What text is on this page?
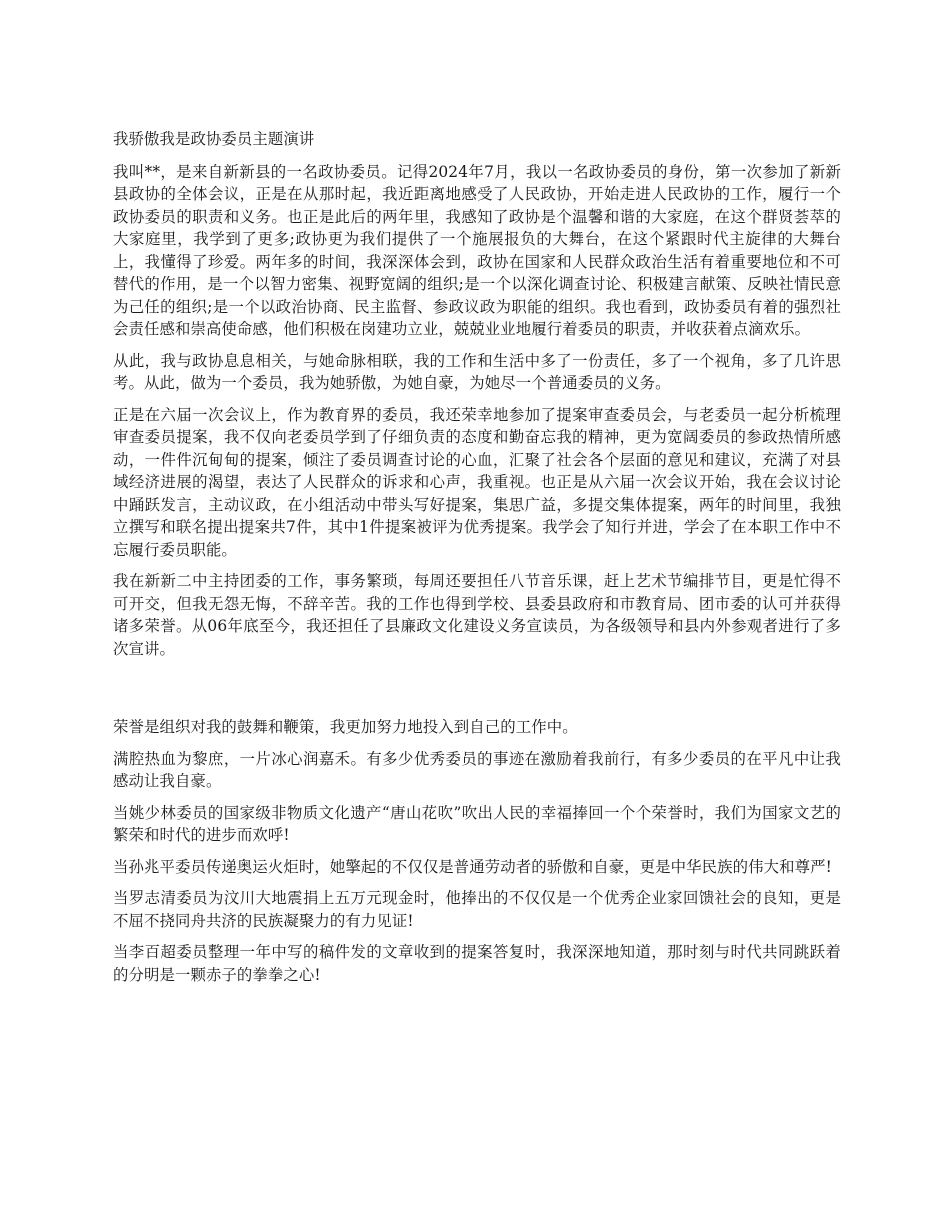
我骄傲我是政协委员主题演讲

我叫**，是来自新新县的一名政协委员。记得2024年7月，我以一名政协委员的身份，第一次参加了新新县政协的全体会议，正是在从那时起，我近距离地感受了人民政协，开始走进人民政协的工作，履行一个政协委员的职责和义务。也正是此后的两年里，我感知了政协是个温馨和谐的大家庭，在这个群贤荟萃的大家庭里，我学到了更多;政协更为我们提供了一个施展报负的大舞台，在这个紧跟时代主旋律的大舞台上，我懂得了珍爱。两年多的时间，我深深体会到，政协在国家和人民群众政治生活有着重要地位和不可替代的作用，是一个以智力密集、视野宽阔的组织;是一个以深化调查讨论、积极建言献策、反映社情民意为己任的组织;是一个以政治协商、民主监督、参政议政为职能的组织。我也看到，政协委员有着的强烈社会责任感和崇高使命感，他们积极在岗建功立业，兢兢业业地履行着委员的职责，并收获着点滴欢乐。

从此，我与政协息息相关，与她命脉相联，我的工作和生活中多了一份责任，多了一个视角，多了几许思考。从此，做为一个委员，我为她骄傲，为她自豪，为她尽一个普通委员的义务。

正是在六届一次会议上，作为教育界的委员，我还荣幸地参加了提案审查委员会，与老委员一起分析梳理审查委员提案，我不仅向老委员学到了仔细负责的态度和勤奋忘我的精神，更为宽阔委员的参政热情所感动，一件件沉甸甸的提案，倾注了委员调查讨论的心血，汇聚了社会各个层面的意见和建议，充满了对县域经济进展的渴望，表达了人民群众的诉求和心声，我重视。也正是从六届一次会议开始，我在会议讨论中踊跃发言，主动议政，在小组活动中带头写好提案，集思广益，多提交集体提案，两年的时间里，我独立撰写和联名提出提案共7件，其中1件提案被评为优秀提案。我学会了知行并进，学会了在本职工作中不忘履行委员职能。

我在新新二中主持团委的工作，事务繁琐，每周还要担任八节音乐课，赶上艺术节编排节目，更是忙得不可开交，但我无怨无悔，不辞辛苦。我的工作也得到学校、县委县政府和市教育局、团市委的认可并获得诸多荣誉。从06年底至今，我还担任了县廉政文化建设义务宣读员，为各级领导和县内外参观者进行了多次宣讲。

荣誉是组织对我的鼓舞和鞭策，我更加努力地投入到自己的工作中。

满腔热血为黎庶，一片冰心润嘉禾。有多少优秀委员的事迹在激励着我前行，有多少委员的在平凡中让我感动让我自豪。

当姚少林委员的国家级非物质文化遗产“唐山花吹”吹出人民的幸福捧回一个个荣誉时，我们为国家文艺的繁荣和时代的进步而欢呼!

当孙兆平委员传递奥运火炬时，她擎起的不仅仅是普通劳动者的骄傲和自豪，更是中华民族的伟大和尊严!

当罗志清委员为汶川大地震捐上五万元现金时，他捧出的不仅仅是一个优秀企业家回馈社会的良知，更是不屈不挠同舟共济的民族凝聚力的有力见证!

当李百超委员整理一年中写的稿件发的文章收到的提案答复时，我深深地知道，那时刻与时代共同跳跃着的分明是一颗赤子的拳拳之心!
